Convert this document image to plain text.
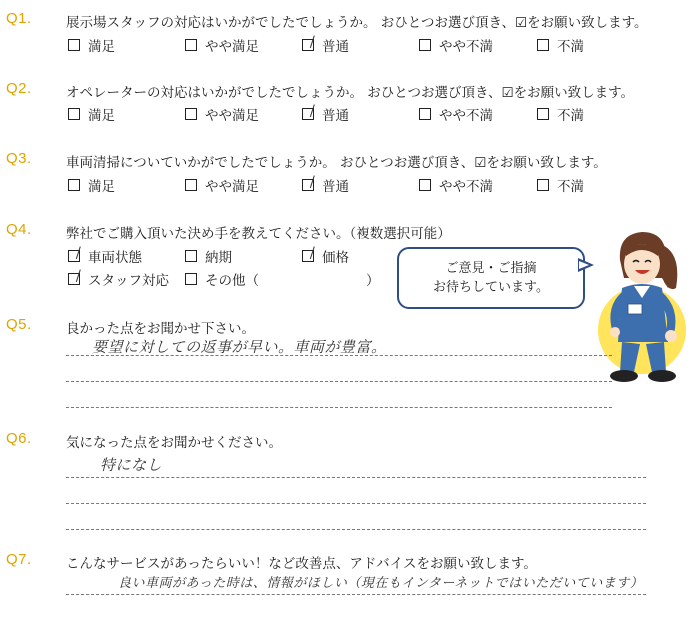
Q1.	展示場スタッフの対応はいかがでしたでしょうか。 おひとつお選び頂き、☑をお願い致します。
満足	やや満足	普通	やや不満	不満
Q2.	オペレーターの対応はいかがでしたでしょうか。 おひとつお選び頂き、☑をお願い致します。
満足	やや満足	普通	やや不満	不満
Q3.	車両清掃についていかがでしたでしょうか。 おひとつお選び頂き、☑をお願い致します。
満足	やや満足	普通	やや不満	不満
Q4.	弊社でご購入頂いた決め手を教えてください。（複数選択可能）
車両状態	納期	価格
スタッフ対応	その他（	）
ご意見・ご指摘
お待ちしています。
Q5.	良かった点をお聞かせ下さい。
要望に対しての返事が早い。車両が豊富。
Q6.	気になった点をお聞かせください。
特になし
Q7.	こんなサービスがあったらいい！など改善点、アドバイスをお願い致します。
良い車両があった時は、情報がほしい（現在もインターネットではいただいています）
